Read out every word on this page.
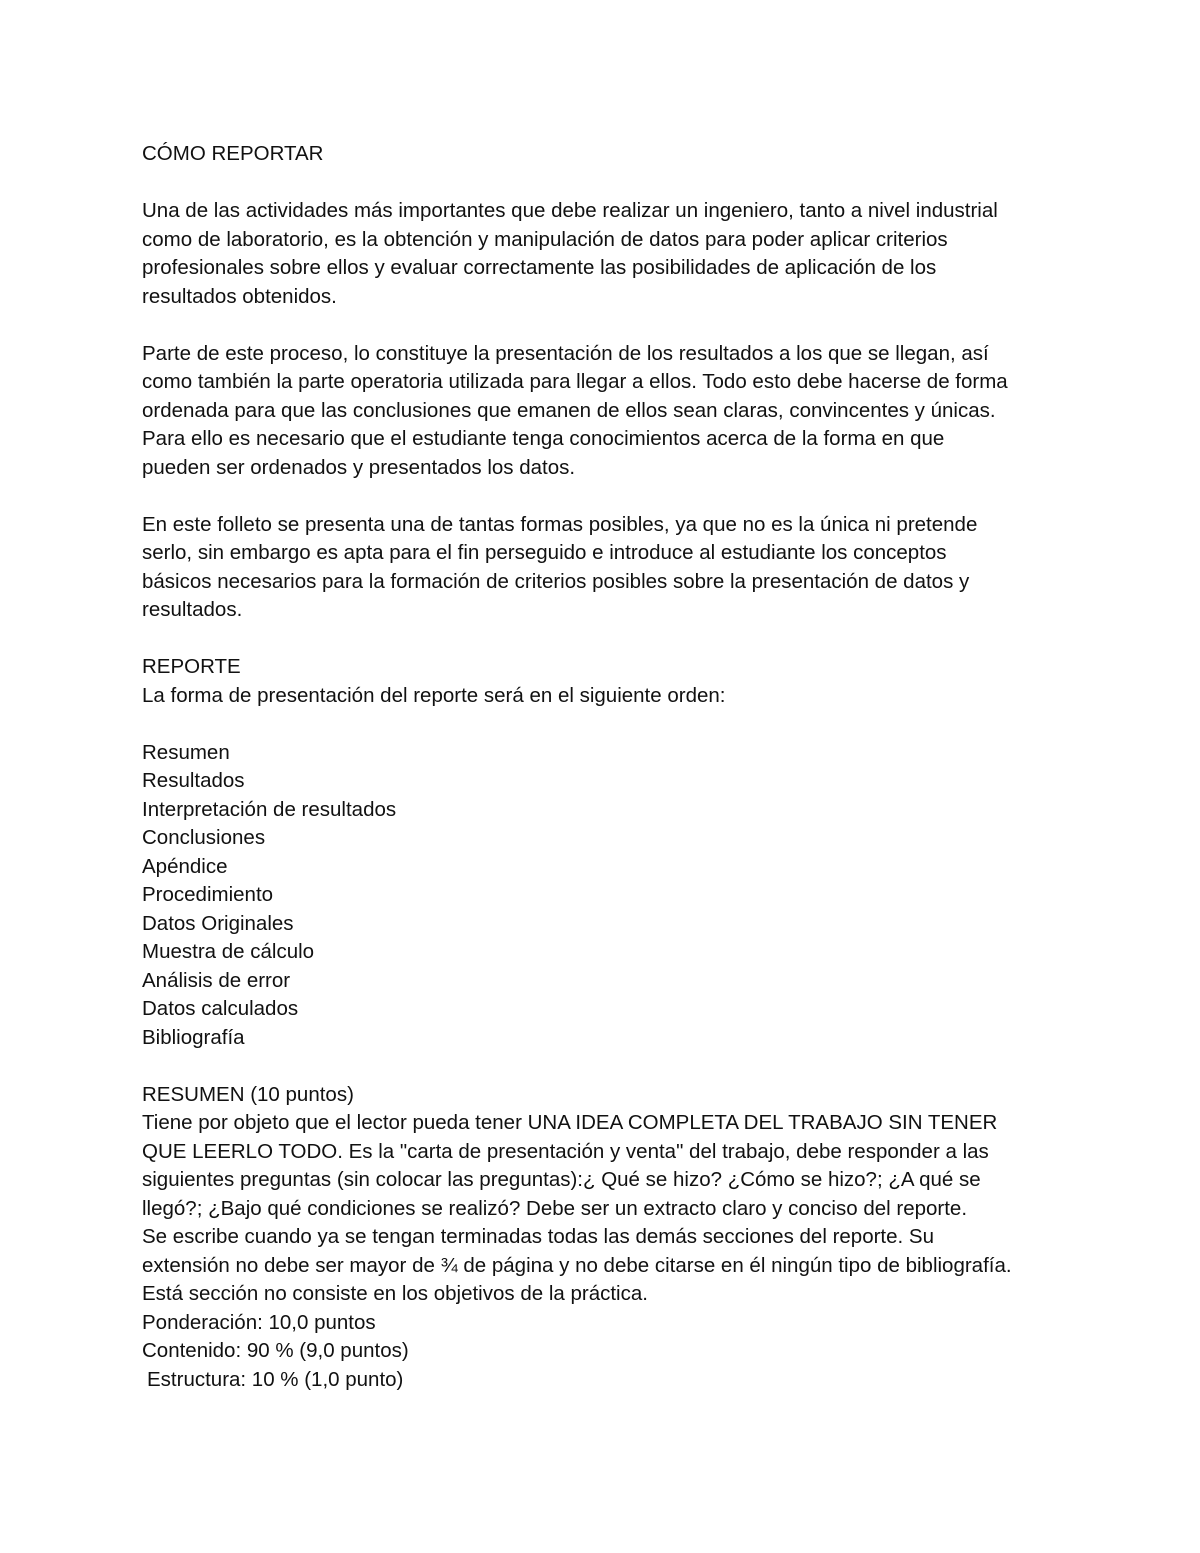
CÓMO REPORTAR
Una de las actividades más importantes que debe realizar un ingeniero, tanto a nivel industrial
como de laboratorio, es la obtención y manipulación de datos para poder aplicar criterios
profesionales sobre ellos y evaluar correctamente las posibilidades de aplicación de los
resultados obtenidos.
Parte de este proceso, lo constituye la presentación de los resultados a los que se llegan, así
como también la parte operatoria utilizada para llegar a ellos. Todo esto debe hacerse de forma
ordenada para que las conclusiones que emanen de ellos sean claras, convincentes y únicas.
Para ello es necesario que el estudiante tenga conocimientos acerca de la forma en que
pueden ser ordenados y presentados los datos.
En este folleto se presenta una de tantas formas posibles, ya que no es la única ni pretende
serlo, sin embargo es apta para el fin perseguido e introduce al estudiante los conceptos
básicos necesarios para la formación de criterios posibles sobre la presentación de datos y
resultados.
REPORTE
La forma de presentación del reporte será en el siguiente orden:
Resumen
Resultados
Interpretación de resultados
Conclusiones
Apéndice
Procedimiento
Datos Originales
Muestra de cálculo
Análisis de error
Datos calculados
Bibliografía
RESUMEN (10 puntos)
Tiene por objeto que el lector pueda tener UNA IDEA COMPLETA DEL TRABAJO SIN TENER
QUE LEERLO TODO. Es la "carta de presentación y venta" del trabajo, debe responder a las
siguientes preguntas (sin colocar las preguntas):¿ Qué se hizo? ¿Cómo se hizo?; ¿A qué se
llegó?; ¿Bajo qué condiciones se realizó? Debe ser un extracto claro y conciso del reporte.
Se escribe cuando ya se tengan terminadas todas las demás secciones del reporte. Su
extensión no debe ser mayor de ¾ de página y no debe citarse en él ningún tipo de bibliografía.
Está sección no consiste en los objetivos de la práctica.
Ponderación: 10,0 puntos
Contenido: 90 % (9,0 puntos)
Estructura: 10 % (1,0 punto)
